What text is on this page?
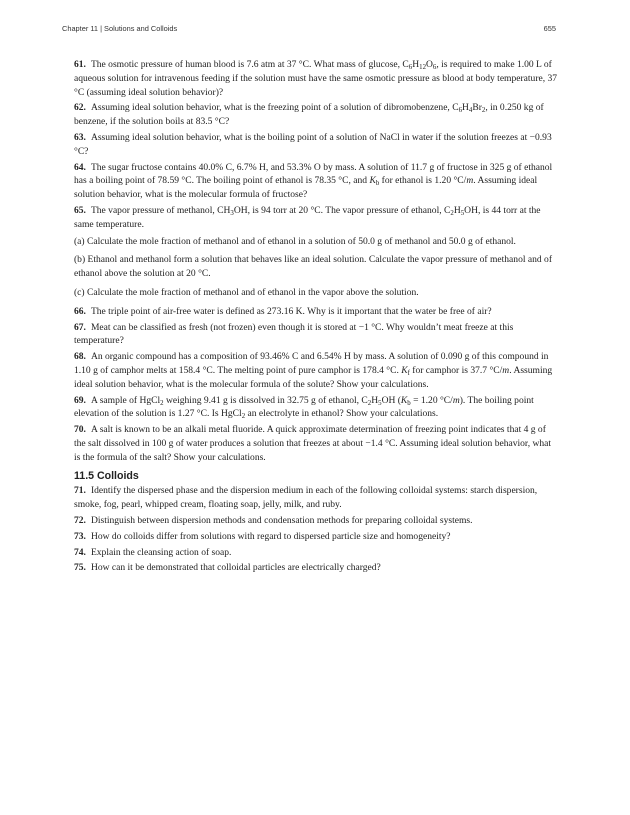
Chapter 11 | Solutions and Colloids	655
61. The osmotic pressure of human blood is 7.6 atm at 37 °C. What mass of glucose, $C_6H_{12}O_6$, is required to make 1.00 L of aqueous solution for intravenous feeding if the solution must have the same osmotic pressure as blood at body temperature, 37 °C (assuming ideal solution behavior)?
62. Assuming ideal solution behavior, what is the freezing point of a solution of dibromobenzene, $C_6H_4Br_2$, in 0.250 kg of benzene, if the solution boils at 83.5 °C?
63. Assuming ideal solution behavior, what is the boiling point of a solution of NaCl in water if the solution freezes at −0.93 °C?
64. The sugar fructose contains 40.0% C, 6.7% H, and 53.3% O by mass. A solution of 11.7 g of fructose in 325 g of ethanol has a boiling point of 78.59 °C. The boiling point of ethanol is 78.35 °C, and $K_b$ for ethanol is 1.20 °C/m. Assuming ideal solution behavior, what is the molecular formula of fructose?
65. The vapor pressure of methanol, $CH_3OH$, is 94 torr at 20 °C. The vapor pressure of ethanol, $C_2H_5OH$, is 44 torr at the same temperature.
(a) Calculate the mole fraction of methanol and of ethanol in a solution of 50.0 g of methanol and 50.0 g of ethanol.
(b) Ethanol and methanol form a solution that behaves like an ideal solution. Calculate the vapor pressure of methanol and of ethanol above the solution at 20 °C.
(c) Calculate the mole fraction of methanol and of ethanol in the vapor above the solution.
66. The triple point of air-free water is defined as 273.16 K. Why is it important that the water be free of air?
67. Meat can be classified as fresh (not frozen) even though it is stored at −1 °C. Why wouldn’t meat freeze at this temperature?
68. An organic compound has a composition of 93.46% C and 6.54% H by mass. A solution of 0.090 g of this compound in 1.10 g of camphor melts at 158.4 °C. The melting point of pure camphor is 178.4 °C. $K_f$ for camphor is 37.7 °C/m. Assuming ideal solution behavior, what is the molecular formula of the solute? Show your calculations.
69. A sample of HgCl$_2$ weighing 9.41 g is dissolved in 32.75 g of ethanol, $C_2H_5OH$ ($K_b = 1.20$ °C/m). The boiling point elevation of the solution is 1.27 °C. Is HgCl$_2$ an electrolyte in ethanol? Show your calculations.
70. A salt is known to be an alkali metal fluoride. A quick approximate determination of freezing point indicates that 4 g of the salt dissolved in 100 g of water produces a solution that freezes at about −1.4 °C. Assuming ideal solution behavior, what is the formula of the salt? Show your calculations.
11.5 Colloids
71. Identify the dispersed phase and the dispersion medium in each of the following colloidal systems: starch dispersion, smoke, fog, pearl, whipped cream, floating soap, jelly, milk, and ruby.
72. Distinguish between dispersion methods and condensation methods for preparing colloidal systems.
73. How do colloids differ from solutions with regard to dispersed particle size and homogeneity?
74. Explain the cleansing action of soap.
75. How can it be demonstrated that colloidal particles are electrically charged?
